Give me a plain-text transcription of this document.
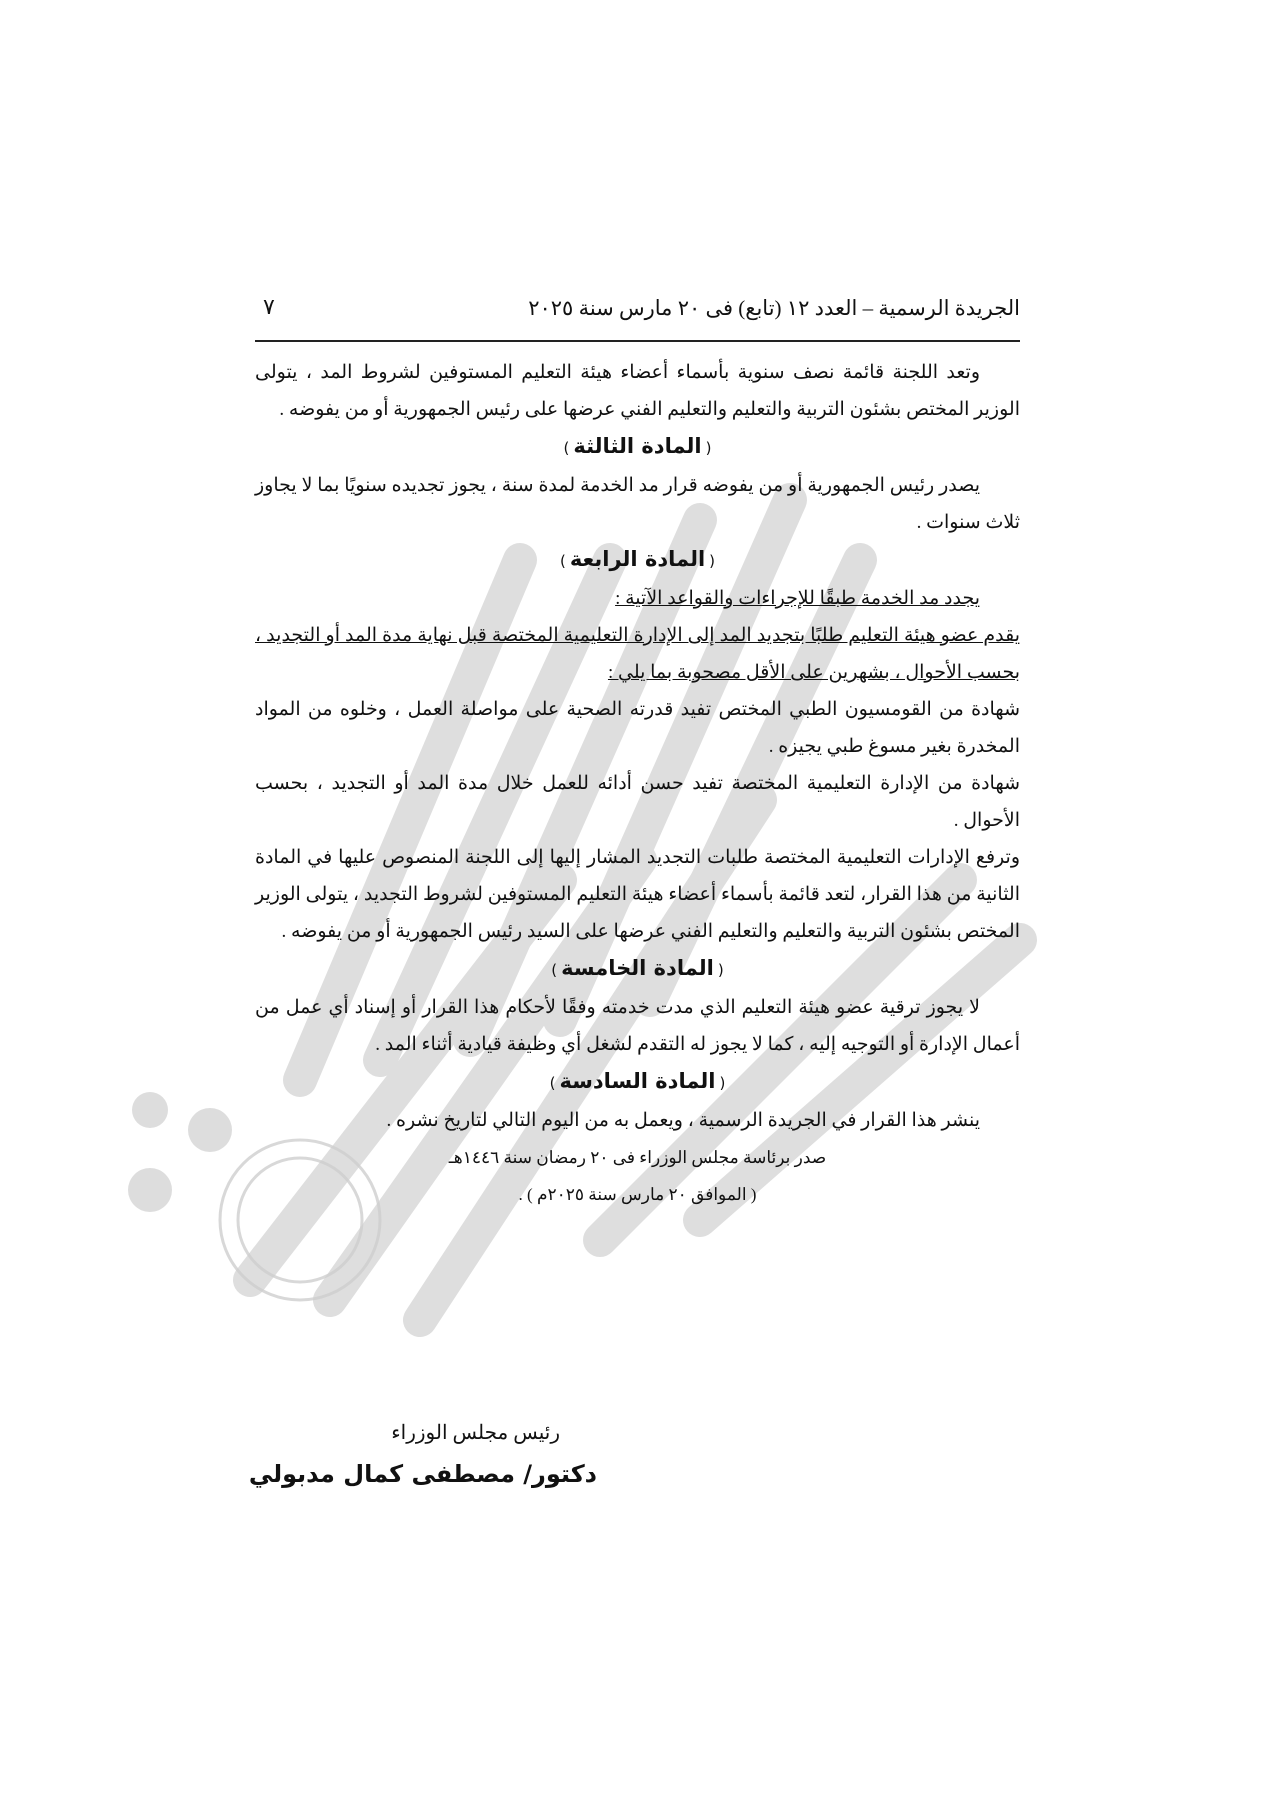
الجريدة الرسمية – العدد ١٢ (تابع) فى ٢٠ مارس سنة ٢٠٢٥
٧

وتعد اللجنة قائمة نصف سنوية بأسماء أعضاء هيئة التعليم المستوفين لشروط المد ، يتولى الوزير المختص بشئون التربية والتعليم والتعليم الفني عرضها على رئيس الجمهورية أو من يفوضه .

(المادة الثالثة)

يصدر رئيس الجمهورية أو من يفوضه قرار مد الخدمة لمدة سنة ، يجوز تجديده سنويًا بما لا يجاوز ثلاث سنوات .

(المادة الرابعة)

يجدد مد الخدمة طبقًا للإجراءات والقواعد الآتية :

يقدم عضو هيئة التعليم طلبًا بتجديد المد إلى الإدارة التعليمية المختصة قبل نهاية مدة المد أو التجديد ، بحسب الأحوال ، بشهرين على الأقل مصحوبة بما يلي :

شهادة من القومسيون الطبي المختص تفيد قدرته الصحية على مواصلة العمل ، وخلوه من المواد المخدرة بغير مسوغ طبي يجيزه .

شهادة من الإدارة التعليمية المختصة تفيد حسن أدائه للعمل خلال مدة المد أو التجديد ، بحسب الأحوال .

وترفع الإدارات التعليمية المختصة طلبات التجديد المشار إليها إلى اللجنة المنصوص عليها في المادة الثانية من هذا القرار، لتعد قائمة بأسماء أعضاء هيئة التعليم المستوفين لشروط التجديد ، يتولى الوزير المختص بشئون التربية والتعليم والتعليم الفني عرضها على السيد رئيس الجمهورية أو من يفوضه .

(المادة الخامسة)

لا يجوز ترقية عضو هيئة التعليم الذي مدت خدمته وفقًا لأحكام هذا القرار أو إسناد أي عمل من أعمال الإدارة أو التوجيه إليه ، كما لا يجوز له التقدم لشغل أي وظيفة قيادية أثناء المد .

(المادة السادسة)

ينشر هذا القرار في الجريدة الرسمية ، ويعمل به من اليوم التالي لتاريخ نشره .

صدر برئاسة مجلس الوزراء فى ٢٠ رمضان سنة ١٤٤٦هـ

( الموافق ٢٠ مارس سنة ٢٠٢٥م ) .

رئيس مجلس الوزراء
دكتور/ مصطفى كمال مدبولي
